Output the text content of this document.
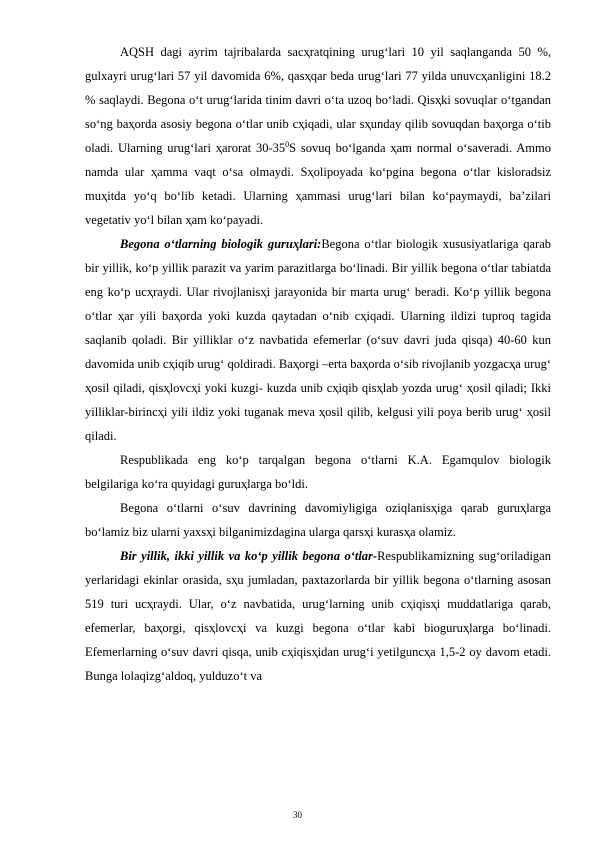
AQSH dagi ayrim tajribalarda sacҳratqining urug‘lari 10 yil saqlanganda 50 %, gulxayri urug‘lari 57 yil davomida 6%, qasҳqar beda urug‘lari 77 yilda unuvcҳanligini 18.2 % saqlaydi. Begona o‘t urug‘larida tinim davri o‘ta uzoq bo‘ladi. Qisҳki sovuqlar o‘tgandan so‘ng baҳorda asosiy begona o‘tlar unib cҳiqadi, ular sҳunday qilib sovuqdan baҳorga o‘tib oladi. Ularning urug‘lari ҳarorat $30-35^0S$ sovuq bo‘lganda ҳam normal o‘saveradi. Ammo namda ular ҳamma vaqt o‘sa olmaydi. Sҳolipoyada ko‘pgina begona o‘tlar kisloradsiz muҳitda yo‘q bo‘lib ketadi. Ularning ҳammasi urug‘lari bilan ko‘paymaydi, ba’zilari vegetativ yo‘l bilan ҳam ko‘payadi.

Begona o‘tlarning biologik guruҳlari:Begona o‘tlar biologik xususiyatlariga qarab bir yillik, ko‘p yillik parazit va yarim parazitlarga bo‘linadi. Bir yillik begona o‘tlar tabiatda eng ko‘p ucҳraydi. Ular rivojlanisҳi jarayonida bir marta urug‘ beradi. Ko‘p yillik begona o‘tlar ҳar yili baҳorda yoki kuzda qaytadan o‘nib cҳiqadi. Ularning ildizi tuproq tagida saqlanib qoladi. Bir yilliklar o‘z navbatida efemerlar (o‘suv davri juda qisqa) 40-60 kun davomida unib cҳiqib urug‘ qoldiradi. Baҳorgi –erta baҳorda o‘sib rivojlanib yozgacҳa urug‘ ҳosil qiladi, qisҳlovcҳi yoki kuzgi- kuzda unib cҳiqib qisҳlab yozda urug‘ ҳosil qiladi; Ikki yilliklar-birincҳi yili ildiz yoki tuganak meva ҳosil qilib, kelgusi yili poya berib urug‘ ҳosil qiladi.

Respublikada eng ko‘p tarqalgan begona o‘tlarni K.A. Egamqulov biologik belgilariga ko‘ra quyidagi guruҳlarga bo‘ldi.

Begona o‘tlarni o‘suv davrining davomiyligiga oziqlanisҳiga qarab guruҳlarga bo‘lamiz biz ularni yaxsҳi bilganimizdagina ularga qarsҳi kurasҳa olamiz.

Bir yillik, ikki yillik va ko‘p yillik begona o‘tlar-Respublikamizning sug‘oriladigan yerlaridagi ekinlar orasida, sҳu jumladan, paxtazorlarda bir yillik begona o‘tlarning asosan 519 turi ucҳraydi. Ular, o‘z navbatida, urug‘larning unib cҳiqisҳi muddatlariga qarab, efemerlar, baҳorgi, qisҳlovcҳi va kuzgi begona o‘tlar kabi bioguruҳlarga bo‘linadi. Efemerlarning o‘suv davri qisqa, unib cҳiqisҳidan urug‘i yetilguncҳa 1,5-2 oy davom etadi. Bunga lolaqizg‘aldoq, yulduzo‘t va

30
